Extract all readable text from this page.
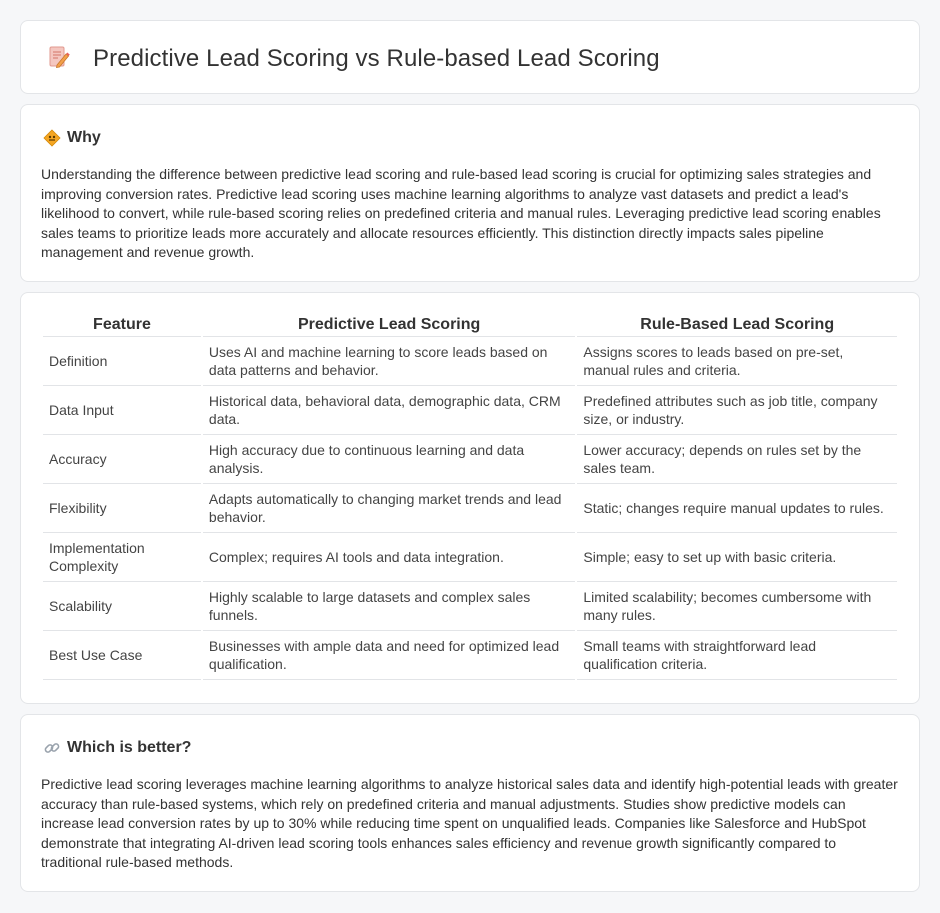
Predictive Lead Scoring vs Rule-based Lead Scoring
Why

Understanding the difference between predictive lead scoring and rule-based lead scoring is crucial for optimizing sales strategies and improving conversion rates. Predictive lead scoring uses machine learning algorithms to analyze vast datasets and predict a lead's likelihood to convert, while rule-based scoring relies on predefined criteria and manual rules. Leveraging predictive lead scoring enables sales teams to prioritize leads more accurately and allocate resources efficiently. This distinction directly impacts sales pipeline management and revenue growth.

Feature	Predictive Lead Scoring	Rule-Based Lead Scoring
Definition	Uses AI and machine learning to score leads based on data patterns and behavior.	Assigns scores to leads based on pre-set, manual rules and criteria.
Data Input	Historical data, behavioral data, demographic data, CRM data.	Predefined attributes such as job title, company size, or industry.
Accuracy	High accuracy due to continuous learning and data analysis.	Lower accuracy; depends on rules set by the sales team.
Flexibility	Adapts automatically to changing market trends and lead behavior.	Static; changes require manual updates to rules.
Implementation Complexity	Complex; requires AI tools and data integration.	Simple; easy to set up with basic criteria.
Scalability	Highly scalable to large datasets and complex sales funnels.	Limited scalability; becomes cumbersome with many rules.
Best Use Case	Businesses with ample data and need for optimized lead qualification.	Small teams with straightforward lead qualification criteria.
Which is better?

Predictive lead scoring leverages machine learning algorithms to analyze historical sales data and identify high-potential leads with greater accuracy than rule-based systems, which rely on predefined criteria and manual adjustments. Studies show predictive models can increase lead conversion rates by up to 30% while reducing time spent on unqualified leads. Companies like Salesforce and HubSpot demonstrate that integrating AI-driven lead scoring tools enhances sales efficiency and revenue growth significantly compared to traditional rule-based methods.
